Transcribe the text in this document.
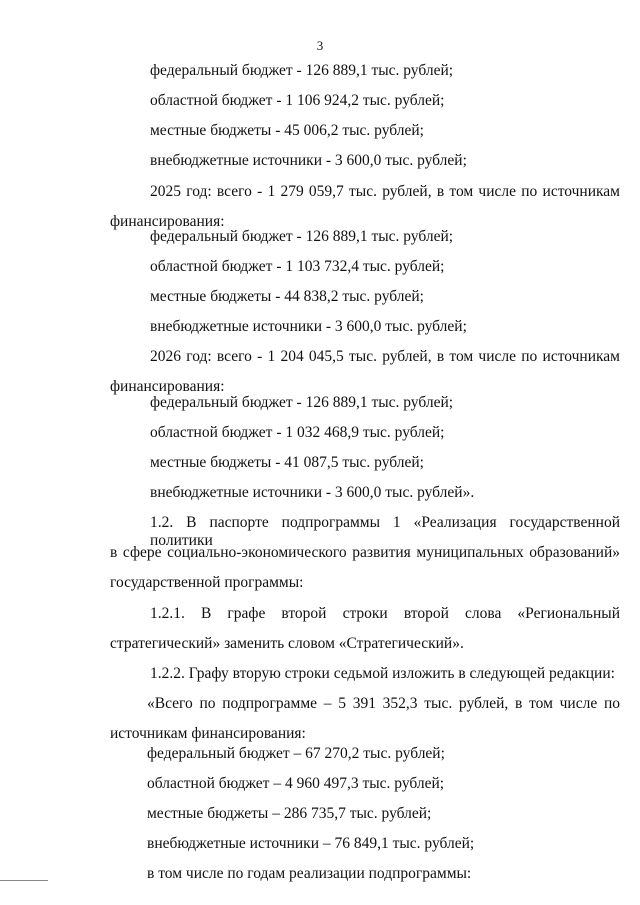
3
федеральный бюджет - 126 889,1 тыс. рублей;
областной бюджет - 1 106 924,2 тыс. рублей;
местные бюджеты - 45 006,2 тыс. рублей;
внебюджетные источники - 3 600,0 тыс. рублей;
2025 год: всего - 1 279 059,7 тыс. рублей, в том числе по источникам
финансирования:
федеральный бюджет - 126 889,1 тыс. рублей;
областной бюджет - 1 103 732,4 тыс. рублей;
местные бюджеты - 44 838,2 тыс. рублей;
внебюджетные источники - 3 600,0 тыс. рублей;
2026 год: всего - 1 204 045,5 тыс. рублей, в том числе по источникам
финансирования:
федеральный бюджет - 126 889,1 тыс. рублей;
областной бюджет - 1 032 468,9 тыс. рублей;
местные бюджеты - 41 087,5 тыс. рублей;
внебюджетные источники - 3 600,0 тыс. рублей».
1.2. В паспорте подпрограммы 1 «Реализация государственной политики
в сфере социально-экономического развития муниципальных образований»
государственной программы:
1.2.1. В графе второй строки второй слова «Региональный
стратегический» заменить словом «Стратегический».
1.2.2. Графу вторую строки седьмой изложить в следующей редакции:
«Всего по подпрограмме – 5 391 352,3 тыс. рублей, в том числе по
источникам финансирования:
федеральный бюджет – 67 270,2 тыс. рублей;
областной бюджет – 4 960 497,3 тыс. рублей;
местные бюджеты – 286 735,7 тыс. рублей;
внебюджетные источники – 76 849,1 тыс. рублей;
в том числе по годам реализации подпрограммы:
